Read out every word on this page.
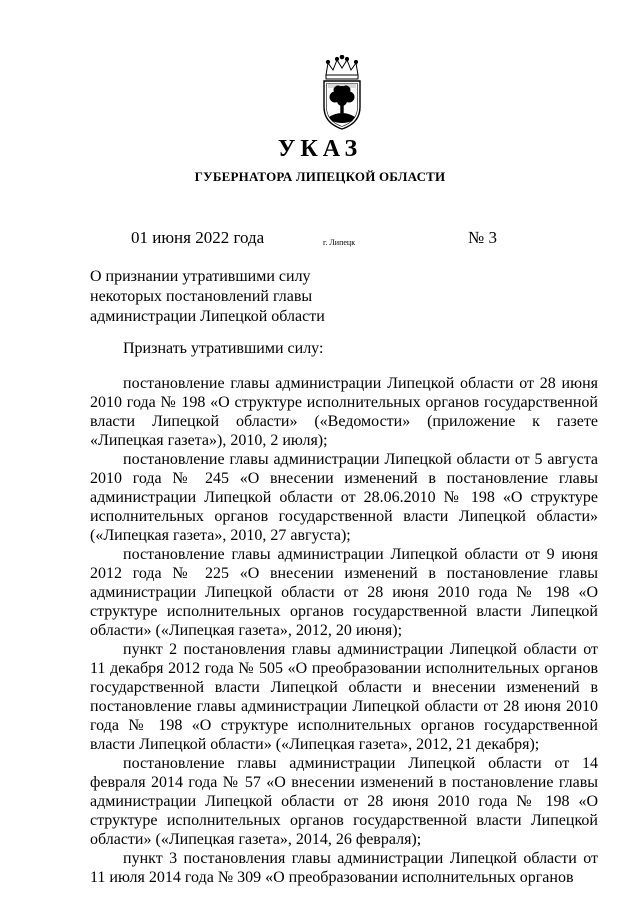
УКАЗ
ГУБЕРНАТОРА ЛИПЕЦКОЙ ОБЛАСТИ
01 июня 2022 года	г. Липецк	№ 3
О признании утратившими силу
некоторых постановлений главы
администрации Липецкой области
Признать утратившими силу:

постановление главы администрации Липецкой области от 28 июня 2010 года № 198 «О структуре исполнительных органов государственной власти Липецкой области» («Ведомости» (приложение к газете «Липецкая газета»), 2010, 2 июля);

постановление главы администрации Липецкой области от 5 августа 2010 года № 245 «О внесении изменений в постановление главы администрации Липецкой области от 28.06.2010 № 198 «О структуре исполнительных органов государственной власти Липецкой области» («Липецкая газета», 2010, 27 августа);

постановление главы администрации Липецкой области от 9 июня 2012 года № 225 «О внесении изменений в постановление главы администрации Липецкой области от 28 июня 2010 года № 198 «О структуре исполнительных органов государственной власти Липецкой области» («Липецкая газета», 2012, 20 июня);

пункт 2 постановления главы администрации Липецкой области от 11 декабря 2012 года № 505 «О преобразовании исполнительных органов государственной власти Липецкой области и внесении изменений в постановление главы администрации Липецкой области от 28 июня 2010 года № 198 «О структуре исполнительных органов государственной власти Липецкой области» («Липецкая газета», 2012, 21 декабря);

постановление главы администрации Липецкой области от 14 февраля 2014 года № 57 «О внесении изменений в постановление главы администрации Липецкой области от 28 июня 2010 года № 198 «О структуре исполнительных органов государственной власти Липецкой области» («Липецкая газета», 2014, 26 февраля);

пункт 3 постановления главы администрации Липецкой области от 11 июля 2014 года № 309 «О преобразовании исполнительных органов
